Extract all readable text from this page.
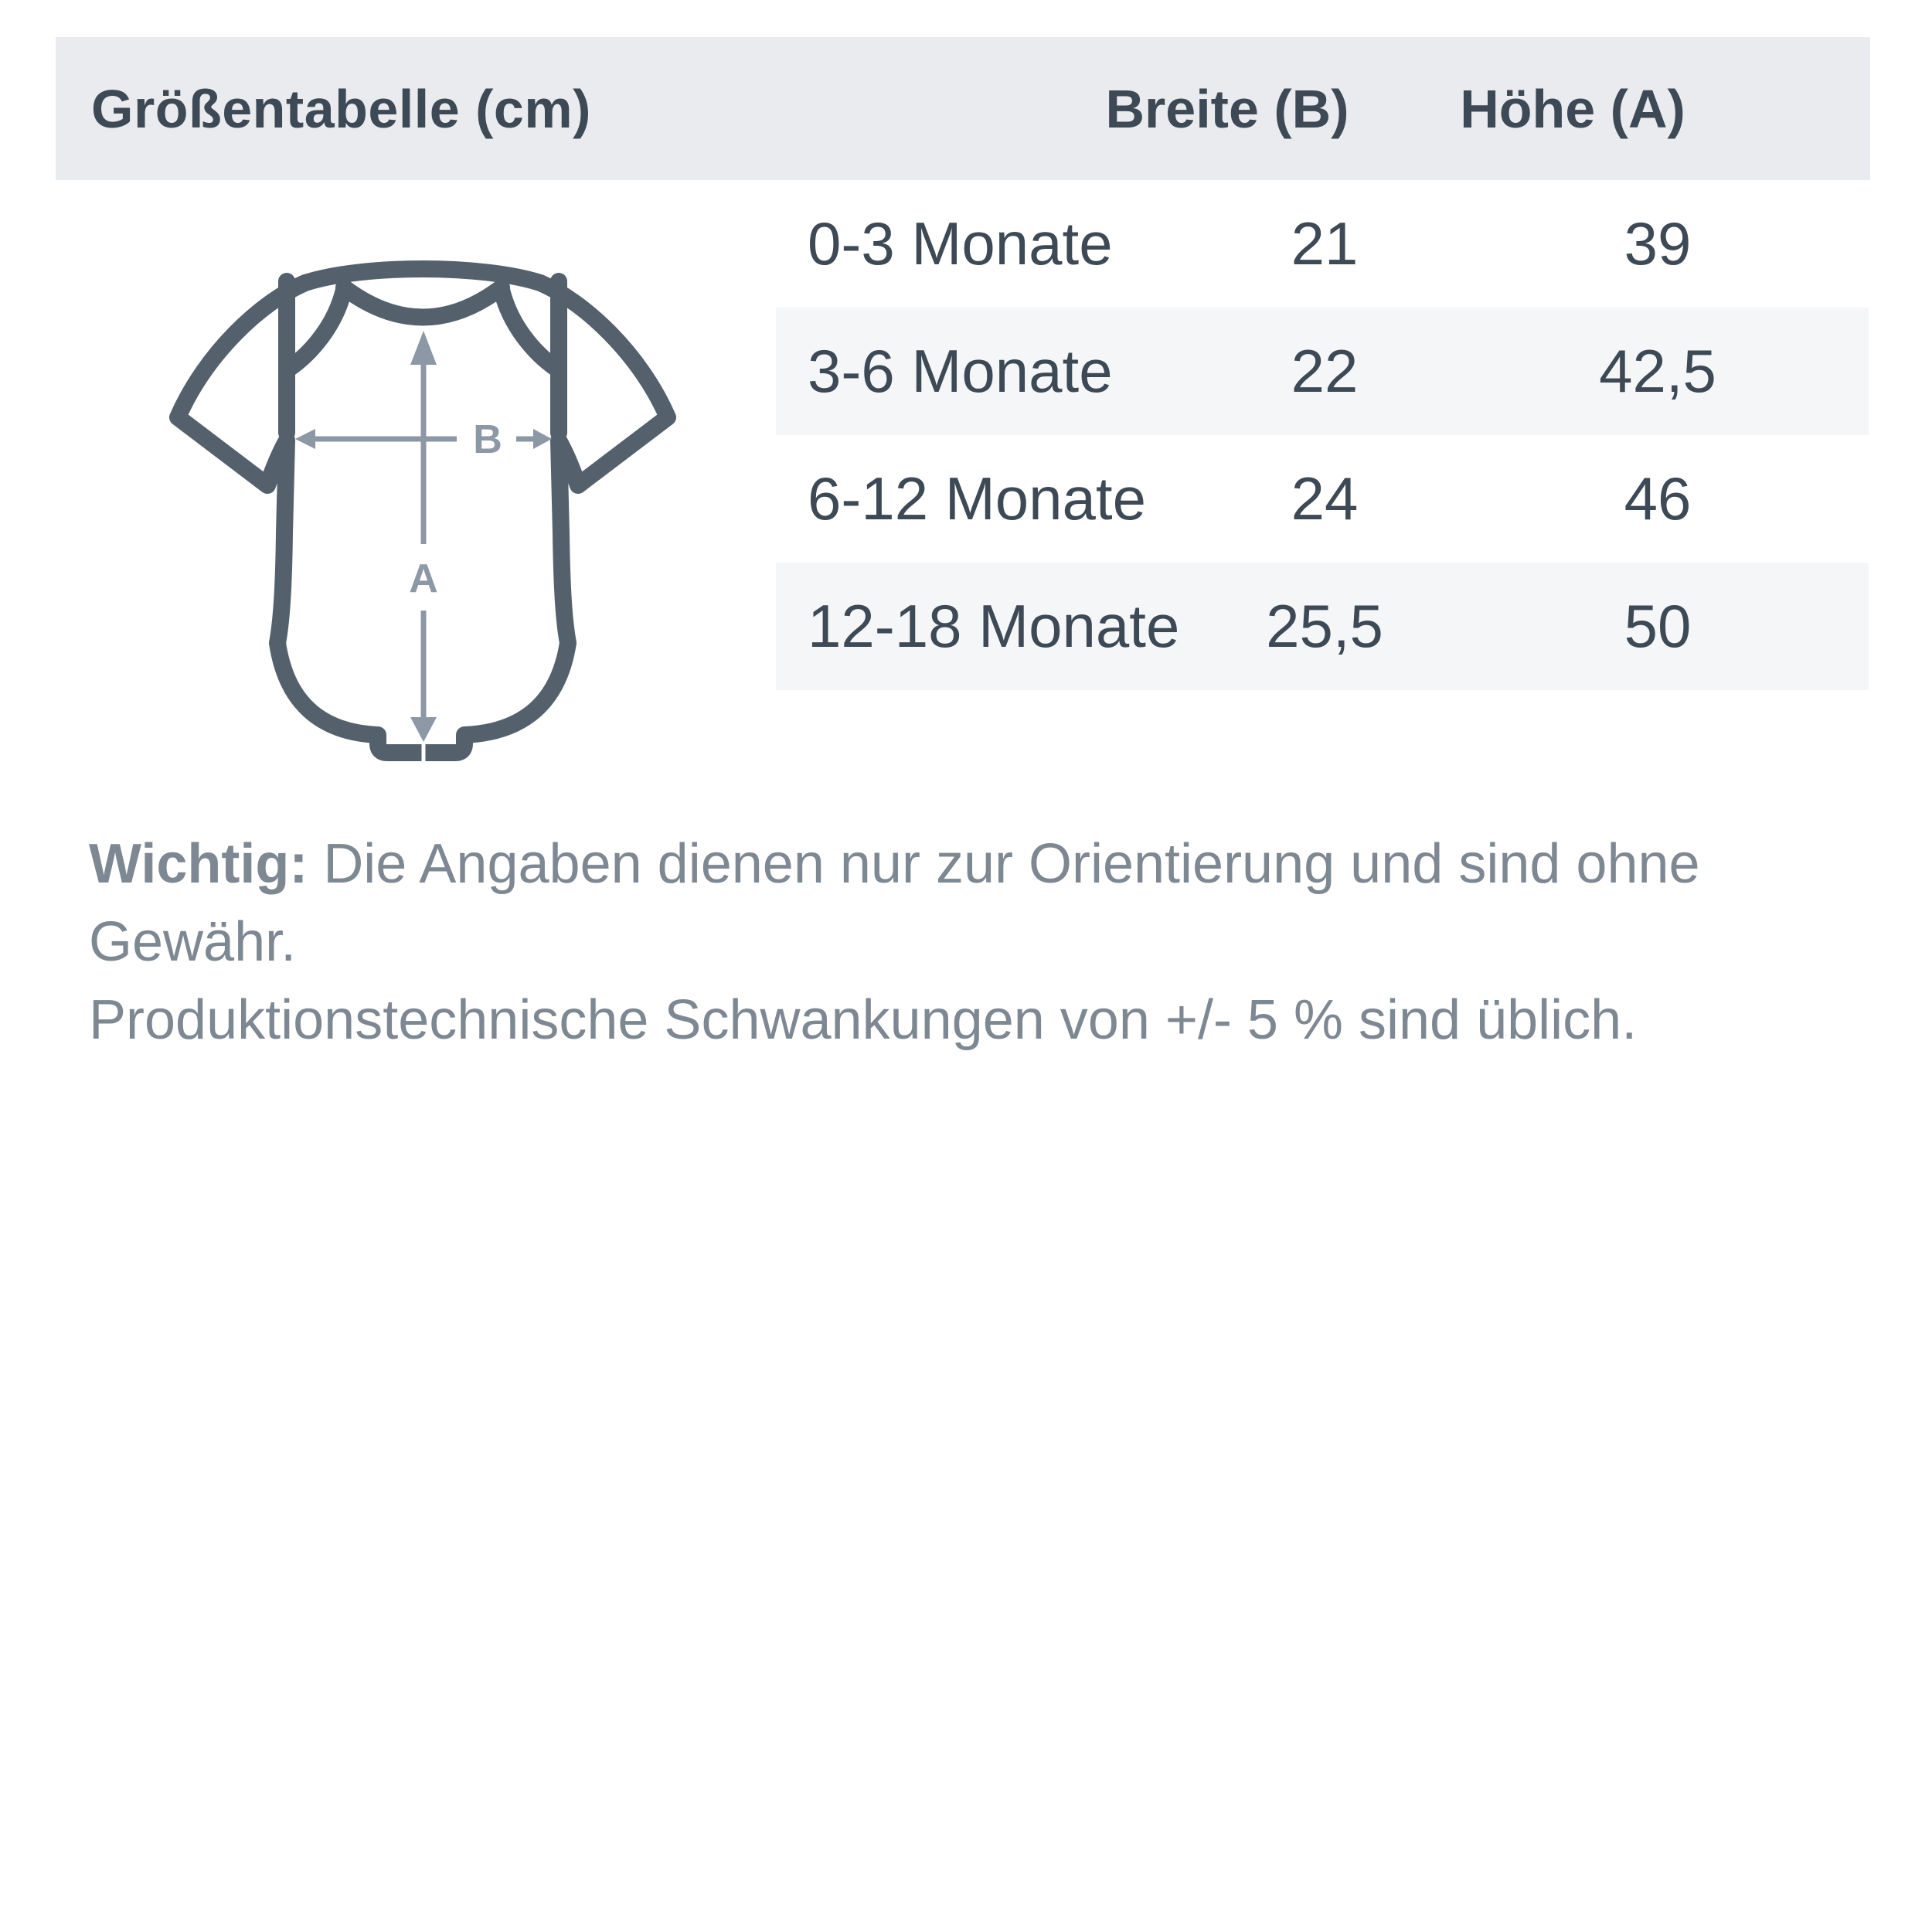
Größentabelle (cm)	Breite (B)	Höhe (A)
0-3 Monate	21	39
3-6 Monate	22	42,5
6-12 Monate	24	46
12-18 Monate	25,5	50
A
B
Wichtig: Die Angaben dienen nur zur Orientierung und sind ohne Gewähr.
Produktionstechnische Schwankungen von +/- 5 % sind üblich.
